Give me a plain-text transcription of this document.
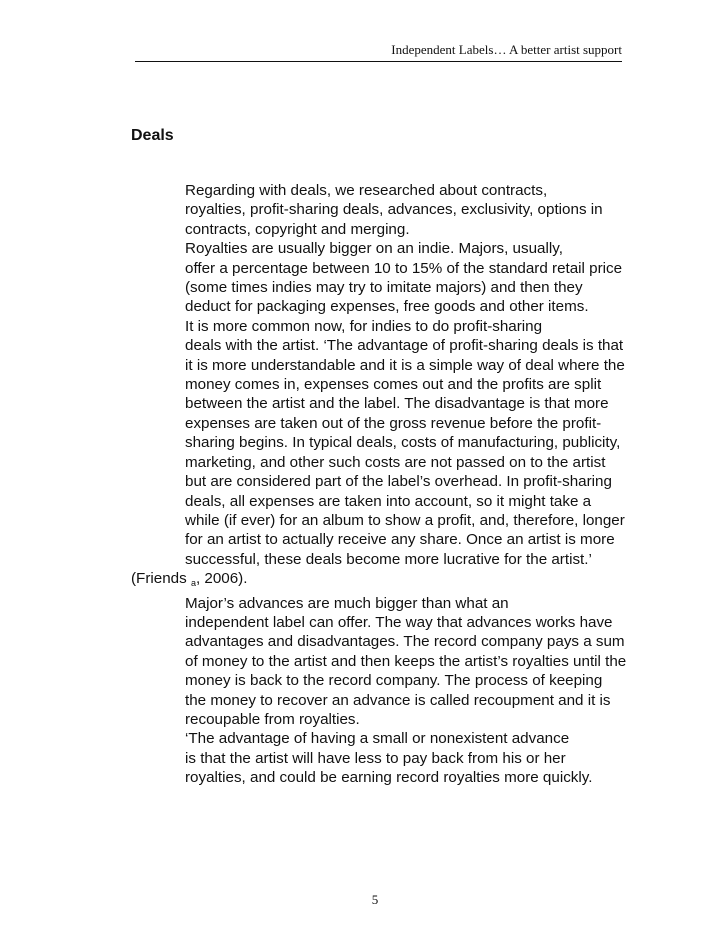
Independent Labels… A better artist support
Deals

Regarding with deals, we researched about contracts,
royalties, profit-sharing deals, advances, exclusivity, options in
contracts, copyright and merging.

Royalties are usually bigger on an indie. Majors, usually,
offer a percentage between 10 to 15% of the standard retail price
(some times indies may try to imitate majors) and then they
deduct for packaging expenses, free goods and other items.

It is more common now, for indies to do profit-sharing
deals with the artist. ‘The advantage of profit-sharing deals is that
it is more understandable and it is a simple way of deal where the
money comes in, expenses comes out and the profits are split
between the artist and the label. The disadvantage is that more
expenses are taken out of the gross revenue before the profit-
sharing begins. In typical deals, costs of manufacturing, publicity,
marketing, and other such costs are not passed on to the artist
but are considered part of the label’s overhead. In profit-sharing
deals, all expenses are taken into account, so it might take a
while (if ever) for an album to show a profit, and, therefore, longer
for an artist to actually receive any share. Once an artist is more
successful, these deals become more lucrative for the artist.’
(Friends $_a$, 2006).

Major’s advances are much bigger than what an
independent label can offer. The way that advances works have
advantages and disadvantages. The record company pays a sum
of money to the artist and then keeps the artist’s royalties until the
money is back to the record company. The process of keeping
the money to recover an advance is called recoupment and it is
recoupable from royalties.

‘The advantage of having a small or nonexistent advance
is that the artist will have less to pay back from his or her
royalties, and could be earning record royalties more quickly.

5
